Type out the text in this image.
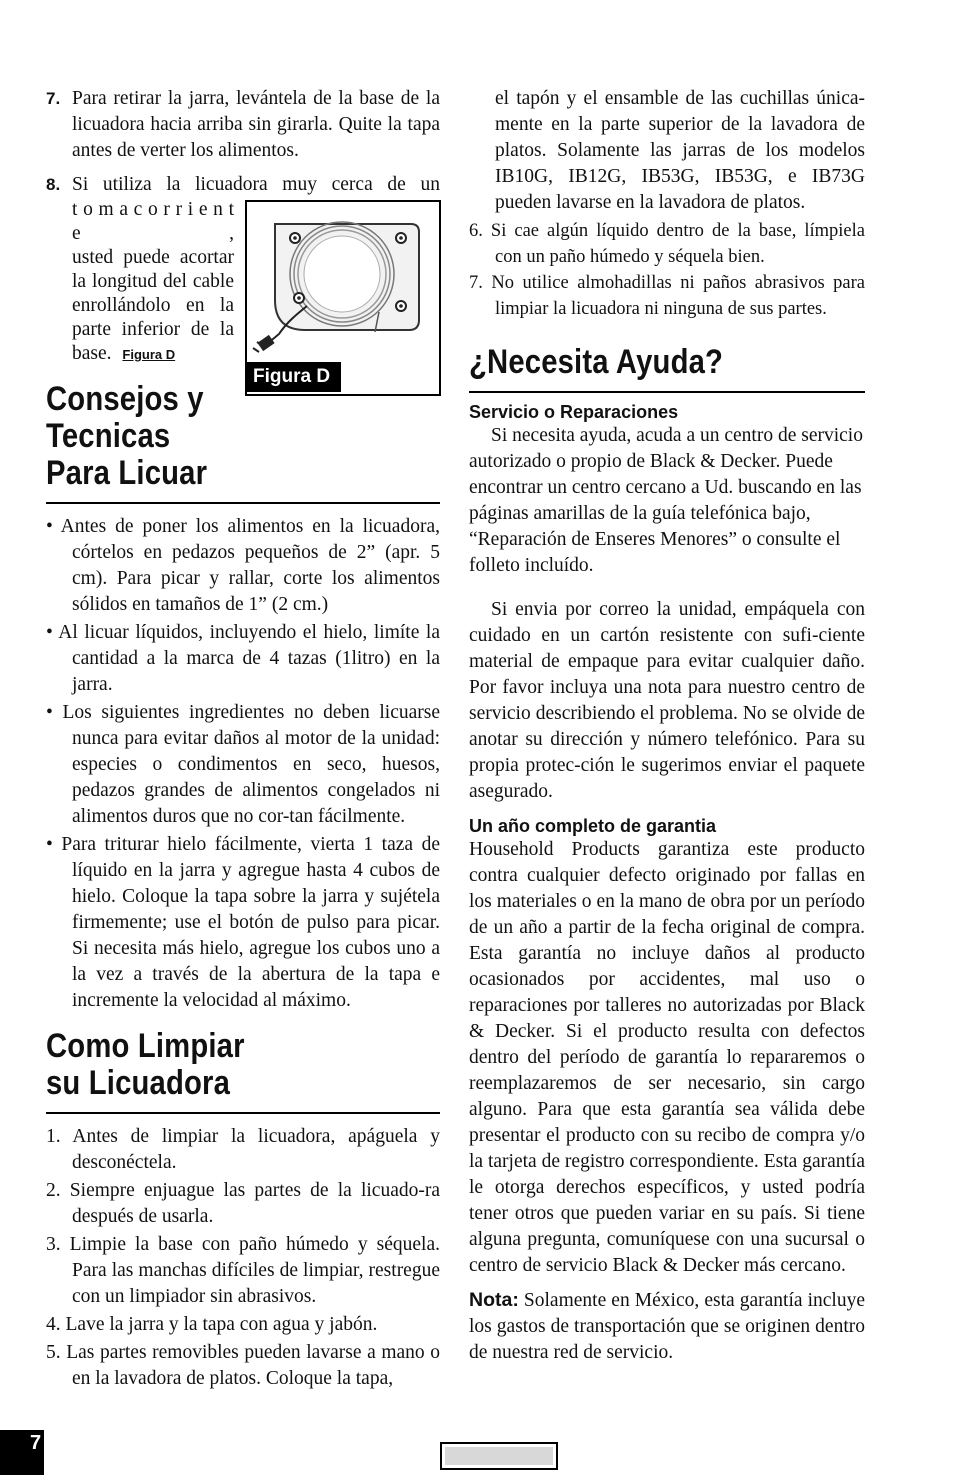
7. Para retirar la jarra, levántela de la base de la licuadora hacia arriba sin girarla. Quite la tapa antes de verter los alimentos.

8. Si utiliza la licuadora muy cerca de un
t o m a c o r r i e n t e ,
usted puede acortar
la longitud del cable
enrollándolo en la
parte inferior de la
base. Figura D
Consejos y
Tecnicas
Para Licuar

• Antes de poner los alimentos en la licuadora, córtelos en pedazos pequeños de 2” (apr. 5 cm). Para picar y rallar, corte los alimentos sólidos en tamaños de 1” (2 cm.)

• Al licuar líquidos, incluyendo el hielo, limíte la cantidad a la marca de 4 tazas (1litro) en la jarra.

• Los siguientes ingredientes no deben licuarse nunca para evitar daños al motor de la unidad: especies o condimentos en seco, huesos, pedazos grandes de alimentos congelados ni alimentos duros que no cor-tan fácilmente.

• Para triturar hielo fácilmente, vierta 1 taza de líquido en la jarra y agregue hasta 4 cubos de hielo. Coloque la tapa sobre la jarra y sujétela firmemente; use el botón de pulso para picar. Si necesita más hielo, agregue los cubos uno a la vez a través de la abertura de la tapa e incremente la velocidad al máximo.

Como Limpiar
su Licuadora

1. Antes de limpiar la licuadora, apáguela y desconéctela.

2. Siempre enjuague las partes de la licuado-ra después de usarla.

3. Limpie la base con paño húmedo y séquela. Para las manchas difíciles de limpiar, restregue con un limpiador sin abrasivos.

4. Lave la jarra y la tapa con agua y jabón.

5. Las partes removibles pueden lavarse a mano o en la lavadora de platos. Coloque la tapa,

Figura D
el tapón y el ensamble de las cuchillas única-mente en la parte superior de la lavadora de platos. Solamente las jarras de los modelos IB10G, IB12G, IB53G, IB53G, e IB73G pueden lavarse en la lavadora de platos.

6. Si cae algún líquido dentro de la base, límpiela con un paño húmedo y séquela bien.

7. No utilice almohadillas ni paños abrasivos para limpiar la licuadora ni ninguna de sus partes.

¿Necesita Ayuda?
Servicio o Reparaciones

Si necesita ayuda, acuda a un centro de servicio autorizado o propio de Black & Decker. Puede encontrar un centro cercano a Ud. buscando en las páginas amarillas de la guía telefónica bajo, “Reparación de Enseres Menores” o consulte el folleto incluído.

Si envia por correo la unidad, empáquela con cuidado en un cartón resistente con sufi-ciente material de empaque para evitar cualquier daño. Por favor incluya una nota para nuestro centro de servicio describiendo el problema. No se olvide de anotar su dirección y número telefónico. Para su propia protec-ción le sugerimos enviar el paquete asegurado.

Un año completo de garantia

Household Products garantiza este producto contra cualquier defecto originado por fallas en los materiales o en la mano de obra por un período de un año a partir de la fecha original de compra. Esta garantía no incluye daños al producto ocasionados por accidentes, mal uso o reparaciones por talleres no autorizadas por Black & Decker. Si el producto resulta con defectos dentro del período de garantía lo repararemos o reemplazaremos de ser necesario, sin cargo alguno. Para que esta garantía sea válida debe presentar el producto con su recibo de compra y/o la tarjeta de registro correspondiente. Esta garantía le otorga derechos específicos, y usted podría tener otros que pueden variar en su país. Si tiene alguna pregunta, comuníquese con una sucursal o centro de servicio Black & Decker más cercano.

Nota: Solamente en México, esta garantía incluye los gastos de transportación que se originen dentro de nuestra red de servicio.

7
